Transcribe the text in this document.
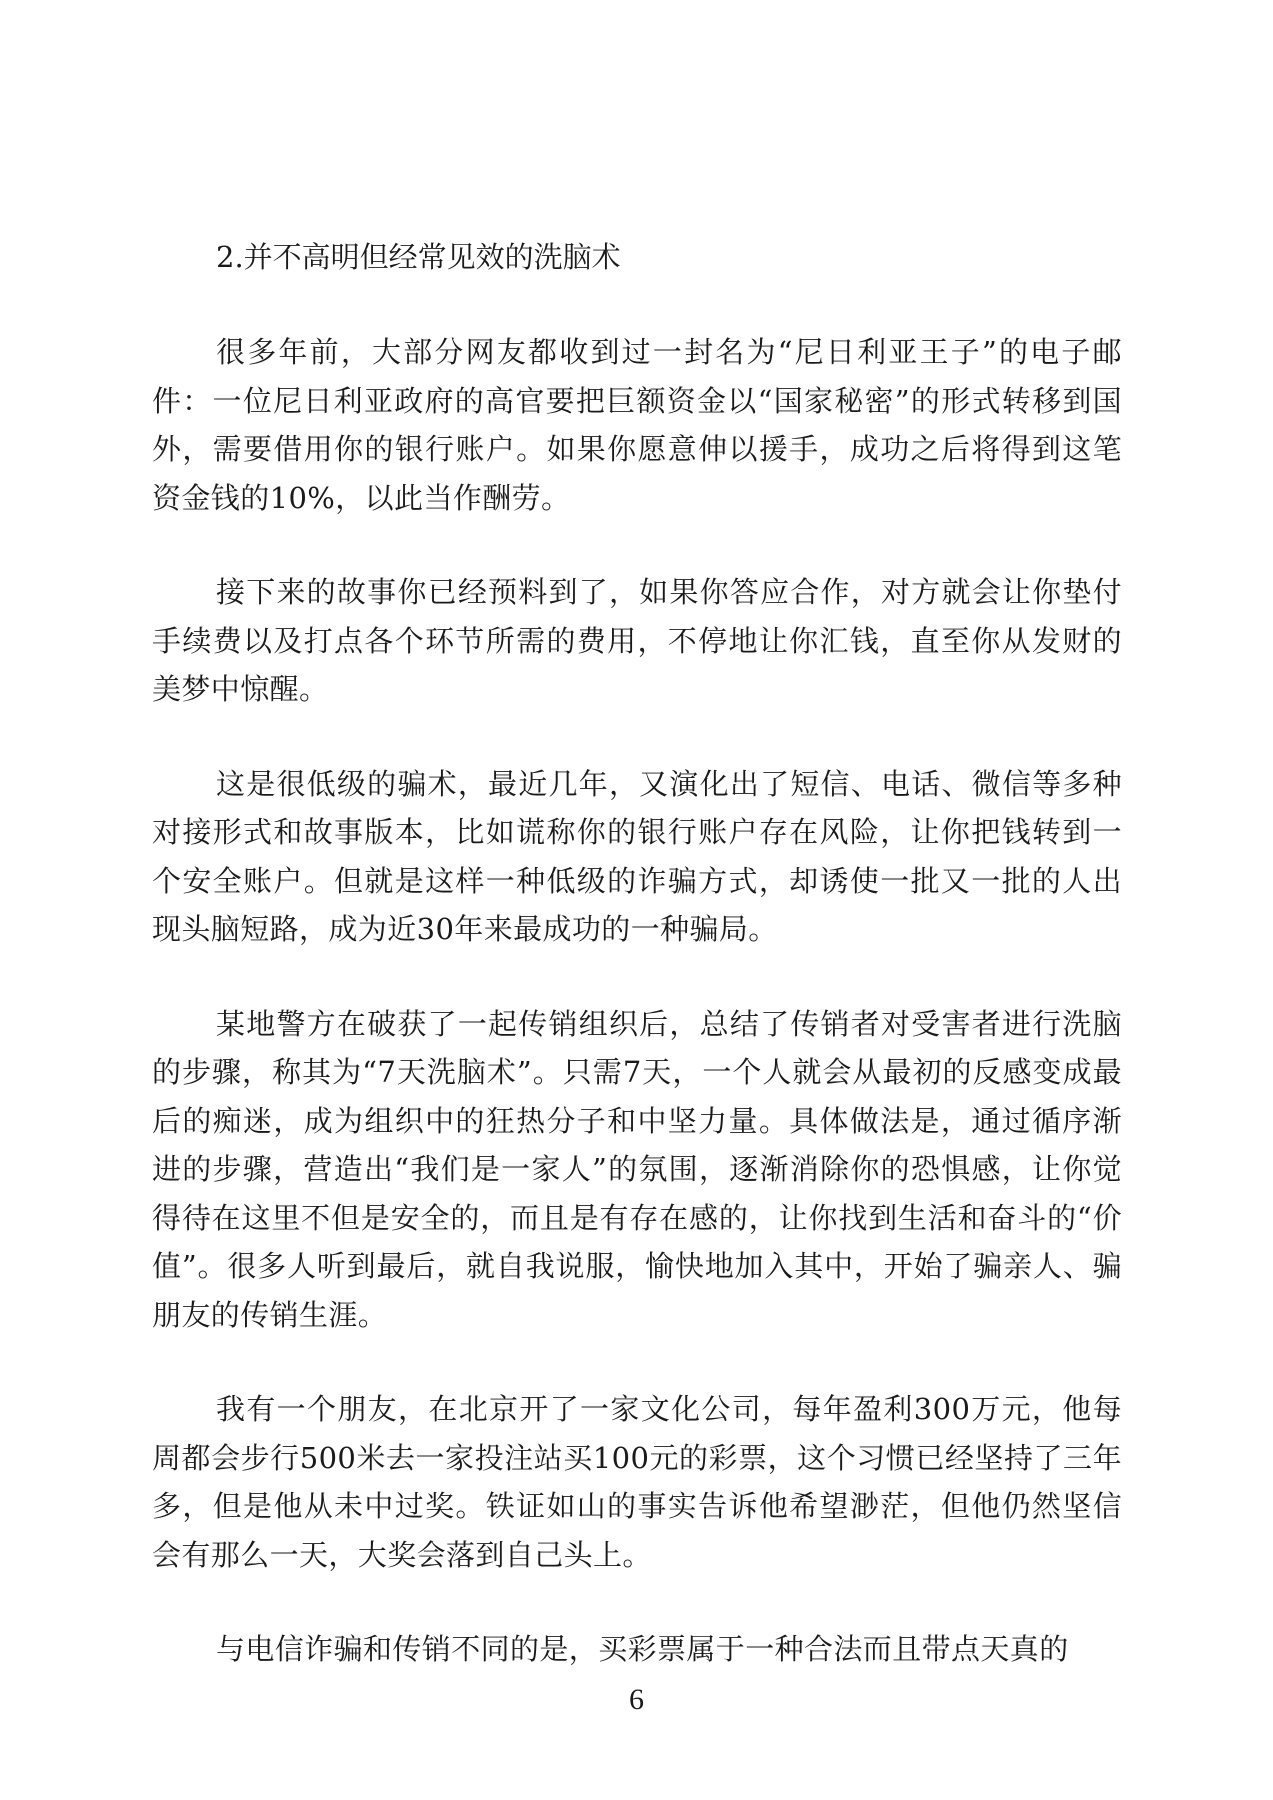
2.并不高明但经常见效的洗脑术

很多年前，大部分网友都收到过一封名为“尼日利亚王子”的电子邮件：一位尼日利亚政府的高官要把巨额资金以“国家秘密”的形式转移到国外，需要借用你的银行账户。如果你愿意伸以援手，成功之后将得到这笔资金钱的10%，以此当作酬劳。

接下来的故事你已经预料到了，如果你答应合作，对方就会让你垫付手续费以及打点各个环节所需的费用，不停地让你汇钱，直至你从发财的美梦中惊醒。

这是很低级的骗术，最近几年，又演化出了短信、电话、微信等多种对接形式和故事版本，比如谎称你的银行账户存在风险，让你把钱转到一个安全账户。但就是这样一种低级的诈骗方式，却诱使一批又一批的人出现头脑短路，成为近30年来最成功的一种骗局。

某地警方在破获了一起传销组织后，总结了传销者对受害者进行洗脑的步骤，称其为“7天洗脑术”。只需7天，一个人就会从最初的反感变成最后的痴迷，成为组织中的狂热分子和中坚力量。具体做法是，通过循序渐进的步骤，营造出“我们是一家人”的氛围，逐渐消除你的恐惧感，让你觉得待在这里不但是安全的，而且是有存在感的，让你找到生活和奋斗的“价值”。很多人听到最后，就自我说服，愉快地加入其中，开始了骗亲人、骗朋友的传销生涯。

我有一个朋友，在北京开了一家文化公司，每年盈利300万元，他每周都会步行500米去一家投注站买100元的彩票，这个习惯已经坚持了三年多，但是他从未中过奖。铁证如山的事实告诉他希望渺茫，但他仍然坚信会有那么一天，大奖会落到自己头上。

与电信诈骗和传销不同的是，买彩票属于一种合法而且带点天真的

6
